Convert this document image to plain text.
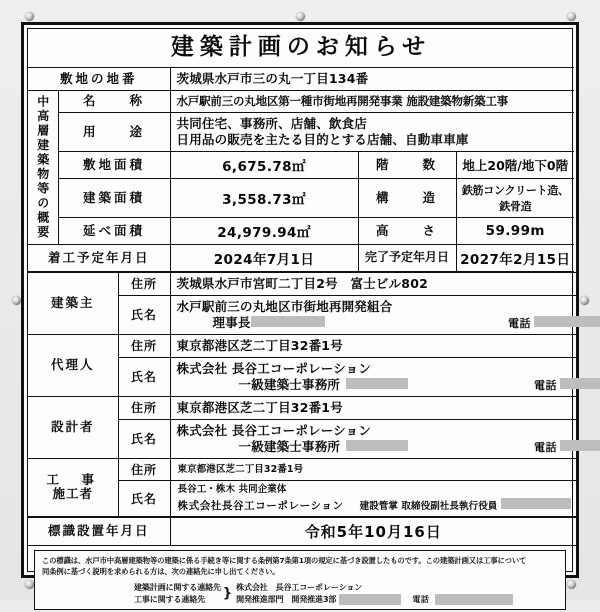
建築計画のお知らせ				
敷地の地番		茨城県水戸市三の丸一丁目134番		

中高層建築物等の概要	名　　称	水戸駅前三の丸地区第一種市街地再開発事業 施設建築物新築工事		
	用　　途	共同住宅、事務所、店舗、飲食店
日用品の販売を主たる目的とする店舗、自動車車庫		

	敷地面積	6,675.78㎡	階　　数	地上20階/地下0階
	建築面積	3,558.73㎡	構　　造	鉄筋コンクリート造、鉄骨造
	延べ面積	24,979.94㎡	高　　さ	59.99m
着工予定年月日		2024年7月1日	完了予定年月日	2027年2月15日
建築主	住所	茨城県水戸市宮町二丁目2号　富士ビル802
	氏名	水戸駅前三の丸地区市街地再開発組合
理事長 電話

代理人	住所	東京都港区芝二丁目32番1号
	氏名	株式会社 長谷工コーポレーション
一級建築士事務所 電話

設計者	住所	東京都港区芝二丁目32番1号
	氏名	株式会社 長谷工コーポレーション
一級建築士事務所 電話

工　事
施工者	住所	東京都港区芝二丁目32番1号
	氏名	長谷工・株木 共同企業体
株式会社長谷工コーポレーション 建設管掌 取締役副社長執行役員
標識設置年月日	令和5年10月16日
この標識は、水戸市中高層建築物等の建築に係る手続き等に関する条例第7条第1項の規定に基づき設置したものです。この建築計画又は工事について
同条例に基づく説明を求められる方は、次の連絡先に申し出てください。
建築計画に関する連絡先
工事に関する連絡先	} 株式会社　長谷工コーポレーション
開発推進部門　開発推進3部	電話
